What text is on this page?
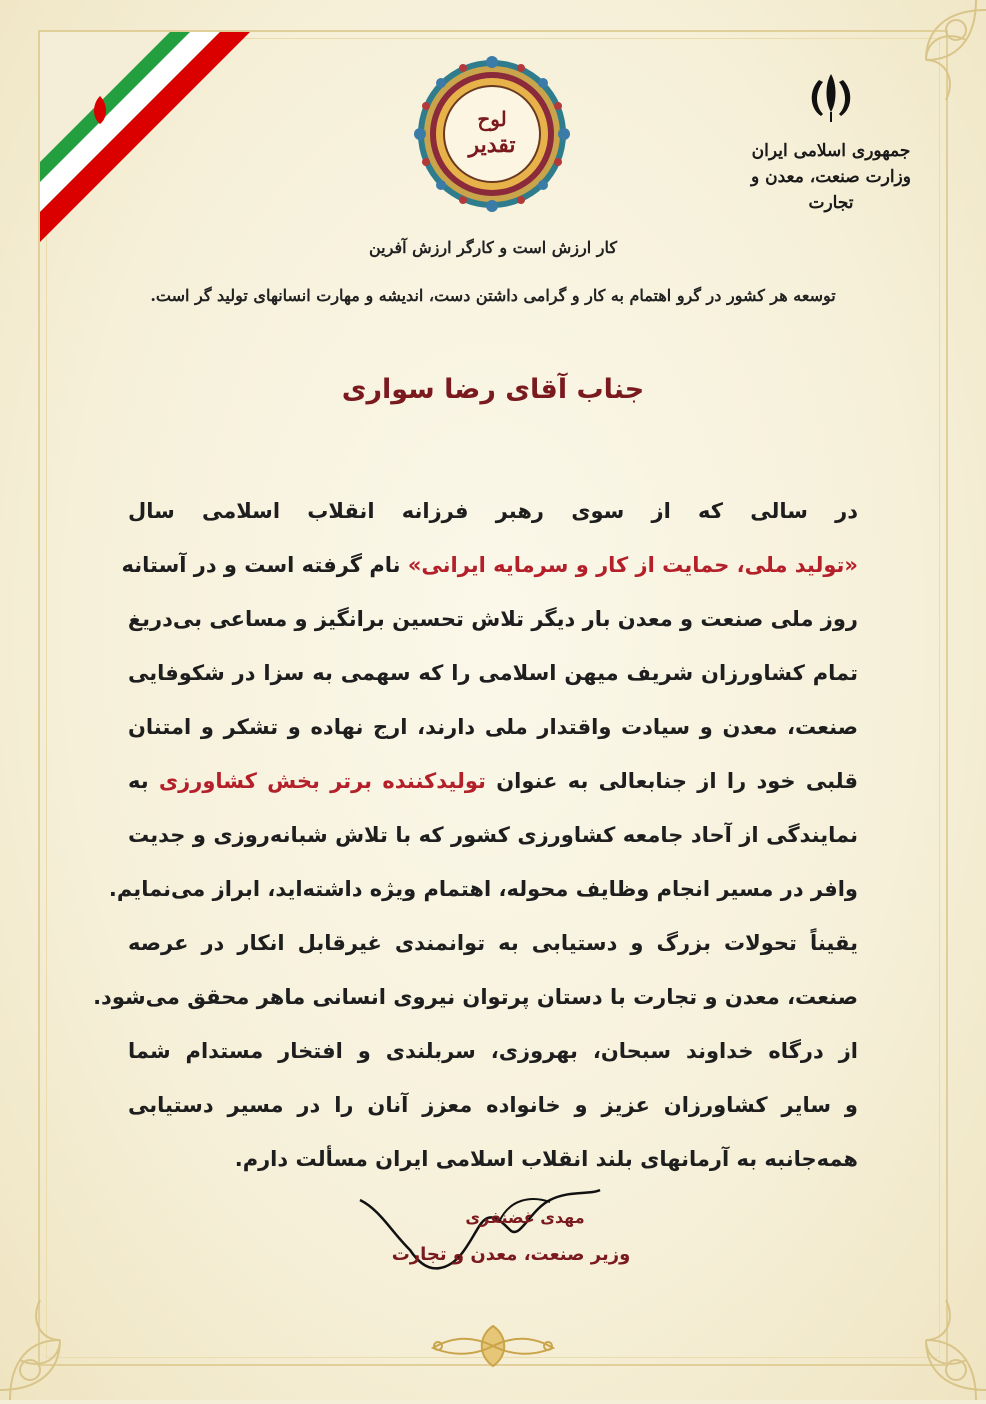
جمهوری اسلامی ایران
وزارت صنعت، معدن و تجارت
لوح
تقدیر
کار ارزش است و کارگر ارزش آفرین
توسعه هر کشور در گرو اهتمام به کار و گرامی داشتن دست، اندیشه و مهارت انسانهای تولید گر است.
جناب آقای رضا سواری
در سالی که از سوی رهبر فرزانه انقلاب اسلامی سال
«تولید ملی، حمایت از کار و سرمایه ایرانی» نام گرفته است و در آستانه
روز ملی صنعت و معدن بار دیگر تلاش تحسین برانگیز و مساعی بی‌دریغ
تمام کشاورزان شریف میهن اسلامی را که سهمی به سزا در شکوفایی
صنعت، معدن و سیادت واقتدار ملی دارند، ارج نهاده و تشکر و امتنان
قلبی خود را از جنابعالی به عنوان تولیدکننده برتر بخش کشاورزی به
نمایندگی از آحاد جامعه کشاورزی کشور که با تلاش شبانه‌روزی و جدیت
وافر در مسیر انجام وظایف محوله، اهتمام ویژه داشته‌اید، ابراز می‌نمایم.
یقیناً تحولات بزرگ و دستیابی به توانمندی غیرقابل انکار در عرصه
صنعت، معدن و تجارت با دستان پرتوان نیروی انسانی ماهر محقق می‌شود.
از درگاه خداوند سبحان، بهروزی، سربلندی و افتخار مستدام شما
و سایر کشاورزان عزیز و خانواده معزز آنان را در مسیر دستیابی
همه‌جانبه به آرمانهای بلند انقلاب اسلامی ایران مسألت دارم.
مهدی غضنفری
وزیر صنعت، معدن و تجارت
